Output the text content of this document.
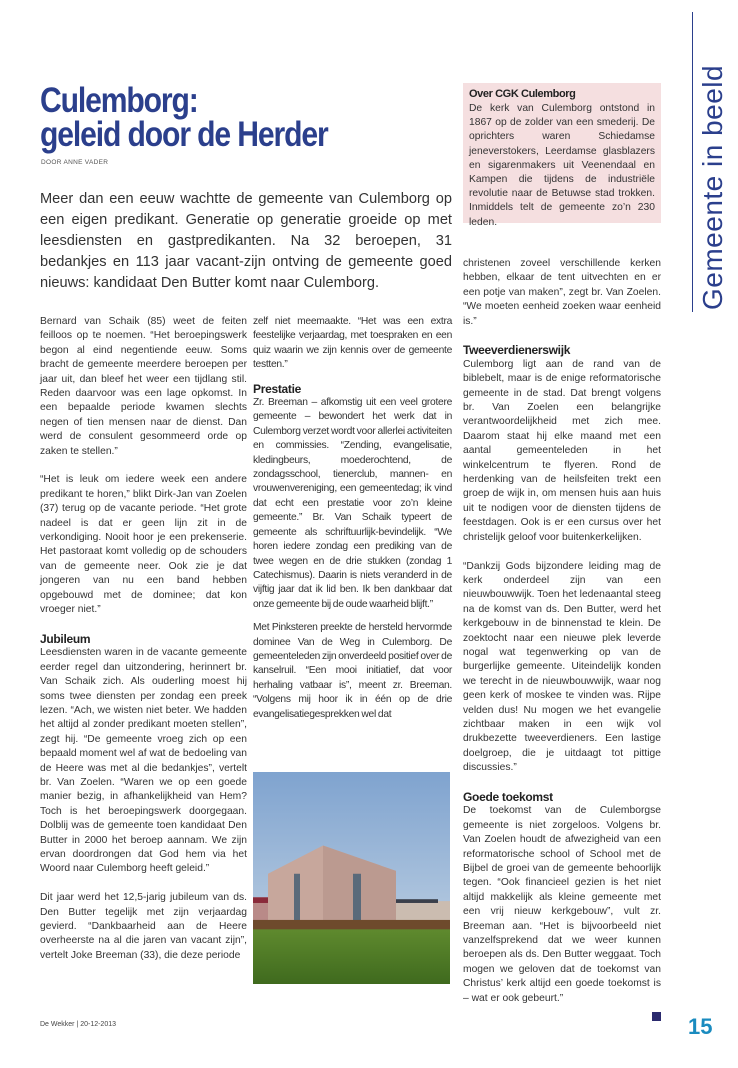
Culemborg:
geleid door de Herder
DOOR ANNE VADER
Meer dan een eeuw wachtte de gemeente van Culemborg op een eigen predikant. Generatie op generatie groeide op met leesdiensten en gastpredikanten. Na 32 beroepen, 31 bedankjes en 113 jaar vacant-zijn ontving de gemeente goed nieuws: kandidaat Den Butter komt naar Culemborg.

Bernard van Schaik (85) weet de feiten feilloos op te noemen. “Het beroepingswerk begon al eind negentiende eeuw. Soms bracht de gemeente meerdere beroepen per jaar uit, dan bleef het weer een tijdlang stil. Reden daarvoor was een lage opkomst. In een bepaalde periode kwamen slechts negen of tien mensen naar de dienst. Dan werd de consulent gesommeerd orde op zaken te stellen.”

“Het is leuk om iedere week een andere predikant te horen,” blikt Dirk-Jan van Zoelen (37) terug op de vacante periode. “Het grote nadeel is dat er geen lijn zit in de verkondiging. Nooit hoor je een prekenserie. Het pastoraat komt volledig op de schouders van de gemeente neer. Ook zie je dat jongeren van nu een band hebben opgebouwd met de dominee; dat kon vroeger niet.”

Jubileum

Leesdiensten waren in de vacante gemeente eerder regel dan uitzondering, herinnert br. Van Schaik zich. Als ouderling moest hij soms twee diensten per zondag een preek lezen. “Ach, we wisten niet beter. We hadden het altijd al zonder predikant moeten stellen”, zegt hij. “De gemeente vroeg zich op een bepaald moment wel af wat de bedoeling van de Heere was met al die bedankjes”, vertelt br. Van Zoelen. “Waren we op een goede manier bezig, in afhankelijkheid van Hem? Toch is het beroepingswerk doorgegaan. Dolblij was de gemeente toen kandidaat Den Butter in 2000 het beroep aannam. We zijn ervan doordrongen dat God hem via het Woord naar Culemborg heeft geleid.”

Dit jaar werd het 12,5-jarig jubileum van ds. Den Butter tegelijk met zijn verjaardag gevierd. “Dankbaarheid aan de Heere overheerste na al die jaren van vacant zijn”, vertelt Joke Breeman (33), die deze periode

zelf niet meemaakte. “Het was een extra feestelijke verjaardag, met toespraken en een quiz waarin we zijn kennis over de gemeente testten.”

Prestatie

Zr. Breeman – afkomstig uit een veel grotere gemeente – bewondert het werk dat in Culemborg verzet wordt voor allerlei activiteiten en commissies. “Zending, evangelisatie, kledingbeurs, moederochtend, de zondagsschool, tienerclub, mannen- en vrouwenvereniging, een gemeentedag; ik vind dat echt een prestatie voor zo’n kleine gemeente.” Br. Van Schaik typeert de gemeente als schriftuurlijk-bevindelijk. “We horen iedere zondag een prediking van de twee wegen en de drie stukken (zondag 1 Catechismus). Daarin is niets veranderd in de vijftig jaar dat ik lid ben. Ik ben dankbaar dat onze gemeente bij de oude waarheid blijft.”

Met Pinksteren preekte de hersteld hervormde dominee Van de Weg in Culemborg. De gemeenteleden zijn onverdeeld positief over de kanselruil. “Een mooi initiatief, dat voor herhaling vatbaar is”, meent zr. Breeman. “Volgens mij hoor ik in één op de drie evangelisatiegesprekken wel dat

Over CGK Culemborg

De kerk van Culemborg ontstond in 1867 op de zolder van een smederij. De oprichters waren Schiedamse jeneverstokers, Leerdamse glasblazers en sigarenmakers uit Veenendaal en Kampen die tijdens de industriële revolutie naar de Betuwse stad trokken. Inmiddels telt de gemeente zo’n 230 leden.

christenen zoveel verschillende kerken hebben, elkaar de tent uitvechten en er een potje van maken”, zegt br. Van Zoelen. “We moeten eenheid zoeken waar eenheid is.”

Tweeverdienerswijk

Culemborg ligt aan de rand van de biblebelt, maar is de enige reformatorische gemeente in de stad. Dat brengt volgens br. Van Zoelen een belangrijke verantwoordelijkheid met zich mee. Daarom staat hij elke maand met een aantal gemeenteleden in het winkelcentrum te flyeren. Rond de herdenking van de heilsfeiten trekt een groep de wijk in, om mensen huis aan huis uit te nodigen voor de diensten tijdens de feestdagen. Ook is er een cursus over het christelijk geloof voor buitenkerkelijken.

“Dankzij Gods bijzondere leiding mag de kerk onderdeel zijn van een nieuwbouwwijk. Toen het ledenaantal steeg na de komst van ds. Den Butter, werd het kerkgebouw in de binnenstad te klein. De zoektocht naar een nieuwe plek leverde nogal wat tegenwerking op van de burgerlijke gemeente. Uiteindelijk konden we terecht in de nieuwbouwwijk, waar nog geen kerk of moskee te vinden was. Rijpe velden dus! Nu mogen we het evangelie zichtbaar maken in een wijk vol drukbezette tweeverdieners. Een lastige doelgroep, die je uitdaagt tot pittige discussies.”

Goede toekomst

De toekomst van de Culemborgse gemeente is niet zorgeloos. Volgens br. Van Zoelen houdt de afwezigheid van een reformatorische school of School met de Bijbel de groei van de gemeente behoorlijk tegen. “Ook financieel gezien is het niet altijd makkelijk als kleine gemeente met een vrij nieuw kerkgebouw”, vult zr. Breeman aan. “Het is bijvoorbeeld niet vanzelfsprekend dat we weer kunnen beroepen als ds. Den Butter weggaat. Toch mogen we geloven dat de toekomst van Christus’ kerk altijd een goede toekomst is – wat er ook gebeurt.”

Gemeente in beeld
De Wekker | 20-12-2013	15
